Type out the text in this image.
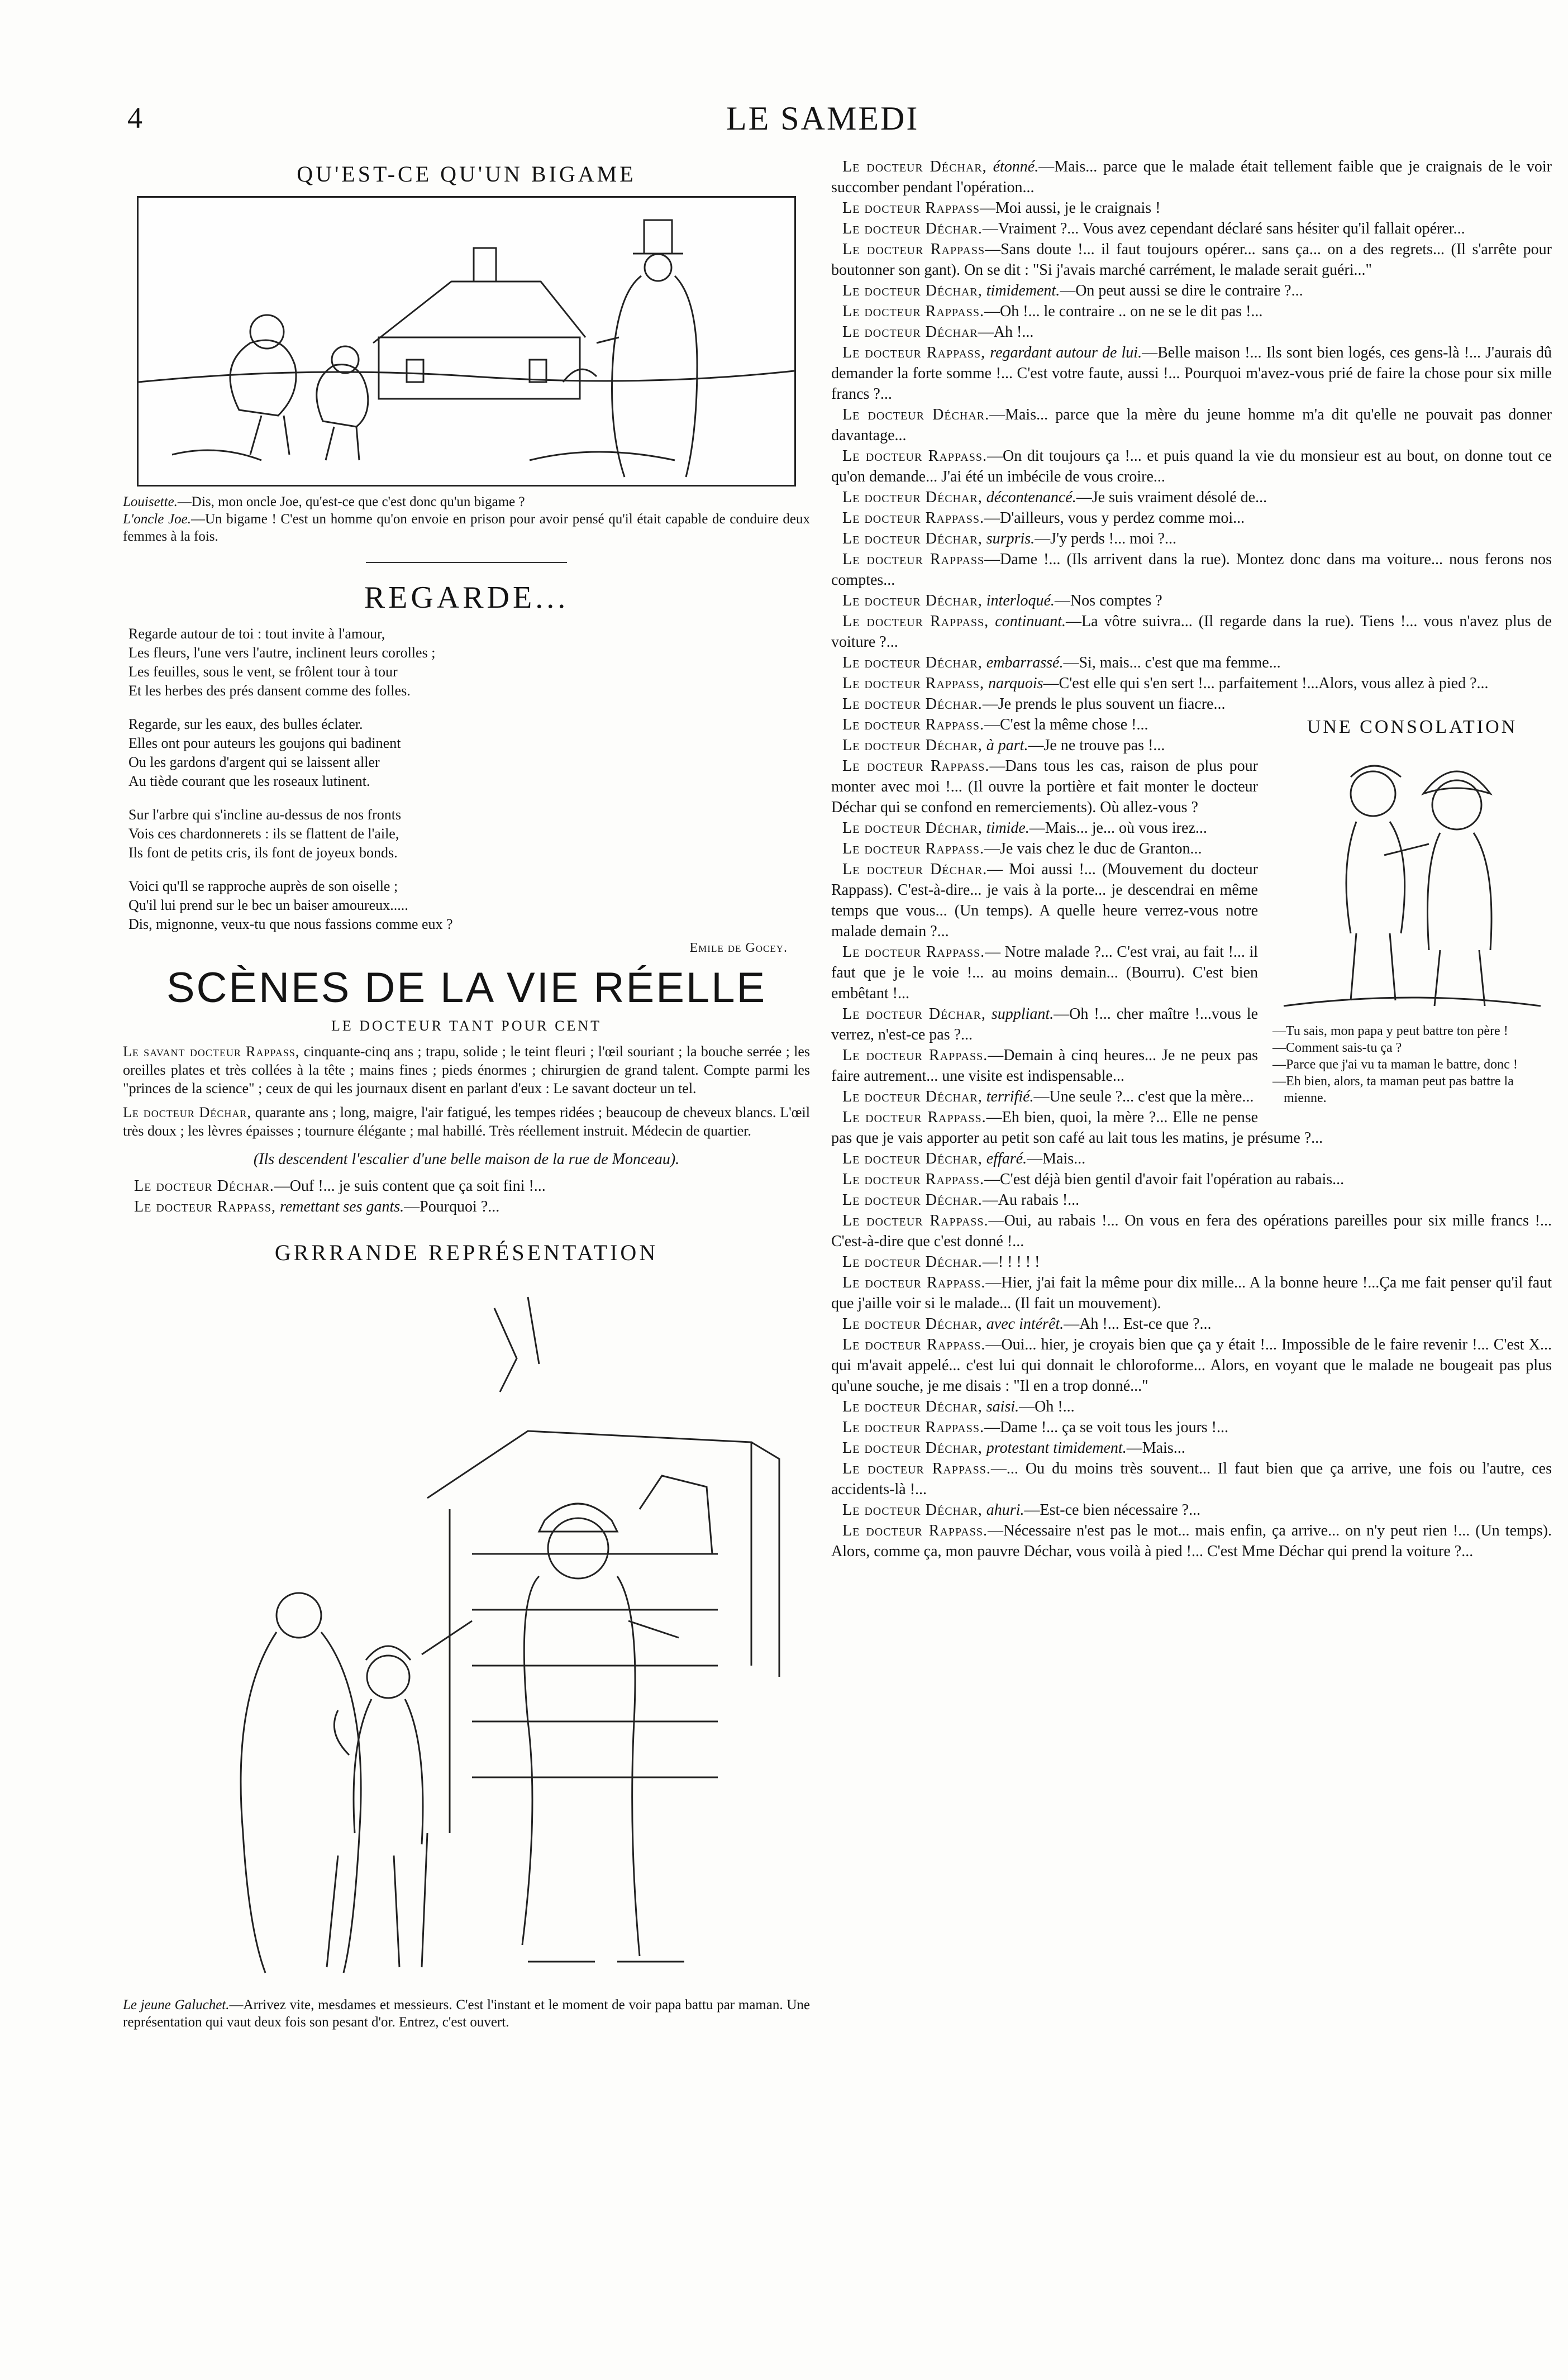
4	LE SAMEDI
QU'EST-CE QU'UN BIGAME

Louisette.—Dis, mon oncle Joe, qu'est-ce que c'est donc qu'un bigame ?
L'oncle Joe.—Un bigame ! C'est un homme qu'on envoie en prison pour avoir pensé qu'il était capable de conduire deux femmes à la fois.

REGARDE...
Regarde autour de toi : tout invite à l'amour,
Les fleurs, l'une vers l'autre, inclinent leurs corolles ;
Les feuilles, sous le vent, se frôlent tour à tour
Et les herbes des prés dansent comme des folles.
Regarde, sur les eaux, des bulles éclater.
Elles ont pour auteurs les goujons qui badinent
Ou les gardons d'argent qui se laissent aller
Au tiède courant que les roseaux lutinent.
Sur l'arbre qui s'incline au-dessus de nos fronts
Vois ces chardonnerets : ils se flattent de l'aile,
Ils font de petits cris, ils font de joyeux bonds.
Voici qu'Il se rapproche auprès de son oiselle ;
Qu'il lui prend sur le bec un baiser amoureux.....
Dis, mignonne, veux-tu que nous fassions comme eux ?
Emile de Gocey.
SCÈNES DE LA VIE RÉELLE
LE DOCTEUR TANT POUR CENT

Le savant docteur Rappass, cinquante-cinq ans ; trapu, solide ; le teint fleuri ; l'œil souriant ; la bouche serrée ; les oreilles plates et très collées à la tête ; mains fines ; pieds énormes ; chirurgien de grand talent. Compte parmi les "princes de la science" ; ceux de qui les journaux disent en parlant d'eux : Le savant docteur un tel.

Le docteur Déchar, quarante ans ; long, maigre, l'air fatigué, les tempes ridées ; beaucoup de cheveux blancs. L'œil très doux ; les lèvres épaisses ; tournure élégante ; mal habillé. Très réellement instruit. Médecin de quartier.

(Ils descendent l'escalier d'une belle maison de la rue de Monceau).

Le docteur Déchar.—Ouf !... je suis content que ça soit fini !...

Le docteur Rappass, remettant ses gants.—Pourquoi ?...

GRRRANDE REPRÉSENTATION

Le jeune Galuchet.—Arrivez vite, mesdames et messieurs. C'est l'instant et le moment de voir papa battu par maman. Une représentation qui vaut deux fois son pesant d'or. Entrez, c'est ouvert.

Le docteur Déchar, étonné.—Mais... parce que le malade était tellement faible que je craignais de le voir succomber pendant l'opération...

Le docteur Rappass—Moi aussi, je le craignais !

Le docteur Déchar.—Vraiment ?... Vous avez cependant déclaré sans hésiter qu'il fallait opérer...

Le docteur Rappass—Sans doute !... il faut toujours opérer... sans ça... on a des regrets... (Il s'arrête pour boutonner son gant). On se dit : "Si j'avais marché carrément, le malade serait guéri..."

Le docteur Déchar, timidement.—On peut aussi se dire le contraire ?...

Le docteur Rappass.—Oh !... le contraire .. on ne se le dit pas !...

Le docteur Déchar—Ah !...

Le docteur Rappass, regardant autour de lui.—Belle maison !... Ils sont bien logés, ces gens-là !... J'aurais dû demander la forte somme !... C'est votre faute, aussi !... Pourquoi m'avez-vous prié de faire la chose pour six mille francs ?...

Le docteur Déchar.—Mais... parce que la mère du jeune homme m'a dit qu'elle ne pouvait pas donner davantage...

Le docteur Rappass.—On dit toujours ça !... et puis quand la vie du monsieur est au bout, on donne tout ce qu'on demande... J'ai été un imbécile de vous croire...

Le docteur Déchar, décontenancé.—Je suis vraiment désolé de...

Le docteur Rappass.—D'ailleurs, vous y perdez comme moi...

Le docteur Déchar, surpris.—J'y perds !... moi ?...

Le docteur Rappass—Dame !... (Ils arrivent dans la rue). Montez donc dans ma voiture... nous ferons nos comptes...

Le docteur Déchar, interloqué.—Nos comptes ?

Le docteur Rappass, continuant.—La vôtre suivra... (Il regarde dans la rue). Tiens !... vous n'avez plus de voiture ?...

Le docteur Déchar, embarrassé.—Si, mais... c'est que ma femme...

Le docteur Rappass, narquois—C'est elle qui s'en sert !... parfaitement !...Alors, vous allez à pied ?...

Le docteur Déchar.—Je prends le plus souvent un fiacre...

UNE CONSOLATION
—Tu sais, mon papa y peut battre ton père !
—Comment sais-tu ça ?
—Parce que j'ai vu ta maman le battre, donc !
—Eh bien, alors, ta maman peut pas battre la mienne.

Le docteur Rappass.—C'est la même chose !...

Le docteur Déchar, à part.—Je ne trouve pas !...

Le docteur Rappass.—Dans tous les cas, raison de plus pour monter avec moi !... (Il ouvre la portière et fait monter le docteur Déchar qui se confond en remerciements). Où allez-vous ?

Le docteur Déchar, timide.—Mais... je... où vous irez...

Le docteur Rappass.—Je vais chez le duc de Granton...

Le docteur Déchar.— Moi aussi !... (Mouvement du docteur Rappass). C'est-à-dire... je vais à la porte... je descendrai en même temps que vous... (Un temps). A quelle heure verrez-vous notre malade demain ?...

Le docteur Rappass.— Notre malade ?... C'est vrai, au fait !... il faut que je le voie !... au moins demain... (Bourru). C'est bien embêtant !...

Le docteur Déchar, suppliant.—Oh !... cher maître !...vous le verrez, n'est-ce pas ?...

Le docteur Rappass.—Demain à cinq heures... Je ne peux pas faire autrement... une visite est indispensable...

Le docteur Déchar, terrifié.—Une seule ?... c'est que la mère...

Le docteur Rappass.—Eh bien, quoi, la mère ?... Elle ne pense pas que je vais apporter au petit son café au lait tous les matins, je présume ?...

Le docteur Déchar, effaré.—Mais...

Le docteur Rappass.—C'est déjà bien gentil d'avoir fait l'opération au rabais...

Le docteur Déchar.—Au rabais !...

Le docteur Rappass.—Oui, au rabais !... On vous en fera des opérations pareilles pour six mille francs !... C'est-à-dire que c'est donné !...

Le docteur Déchar.—! ! ! ! !

Le docteur Rappass.—Hier, j'ai fait la même pour dix mille... A la bonne heure !...Ça me fait penser qu'il faut que j'aille voir si le malade... (Il fait un mouvement).

Le docteur Déchar, avec intérêt.—Ah !... Est-ce que ?...

Le docteur Rappass.—Oui... hier, je croyais bien que ça y était !... Impossible de le faire revenir !... C'est X... qui m'avait appelé... c'est lui qui donnait le chloroforme... Alors, en voyant que le malade ne bougeait pas plus qu'une souche, je me disais : "Il en a trop donné..."

Le docteur Déchar, saisi.—Oh !...

Le docteur Rappass.—Dame !... ça se voit tous les jours !...

Le docteur Déchar, protestant timidement.—Mais...

Le docteur Rappass.—... Ou du moins très souvent... Il faut bien que ça arrive, une fois ou l'autre, ces accidents-là !...

Le docteur Déchar, ahuri.—Est-ce bien nécessaire ?...

Le docteur Rappass.—Nécessaire n'est pas le mot... mais enfin, ça arrive... on n'y peut rien !... (Un temps). Alors, comme ça, mon pauvre Déchar, vous voilà à pied !... C'est Mme Déchar qui prend la voiture ?...
